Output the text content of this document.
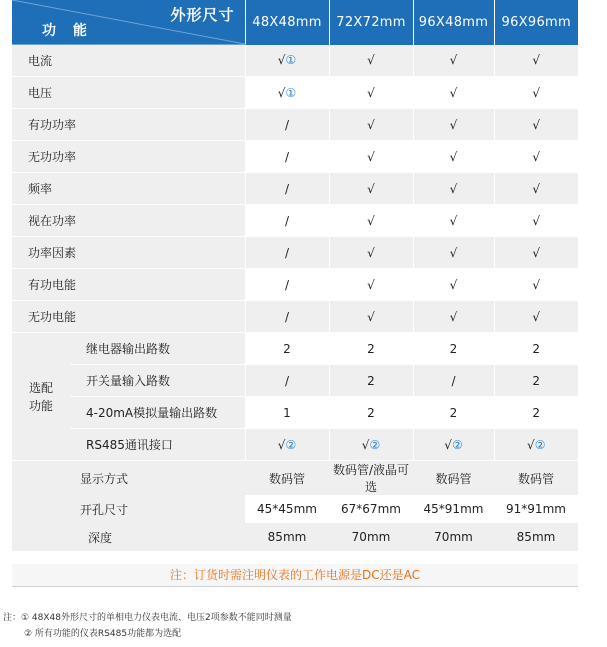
外形尺寸
功 能		48X48mm	72X72mm	96X48mm	96X96mm
电流		√①	√	√	√
电压		√①	√	√	√
有功功率		/	√	√	√
无功功率		/	√	√	√
频率		/	√	√	√
视在功率		/	√	√	√
功率因素		/	√	√	√
有功电能		/	√	√	√
无功电能		/	√	√	√

选配
功能	继电器输出路数	2	2	2	2
	开关量输入路数	/	2	/	2
	4-20mA模拟量输出路数	1	2	2	2
	RS485通讯接口	√②	√②	√②	√②
显示方式		数码管	数码管/液晶可选	数码管	数码管
开孔尺寸		45*45mm	67*67mm	45*91mm	91*91mm
深度		85mm	70mm	70mm	85mm
注：订货时需注明仪表的工作电源是DC还是AC
注：① 48X48外形尺寸的单相电力仪表电流、电压2项参数不能同时测量
② 所有功能的仪表RS485功能都为选配
